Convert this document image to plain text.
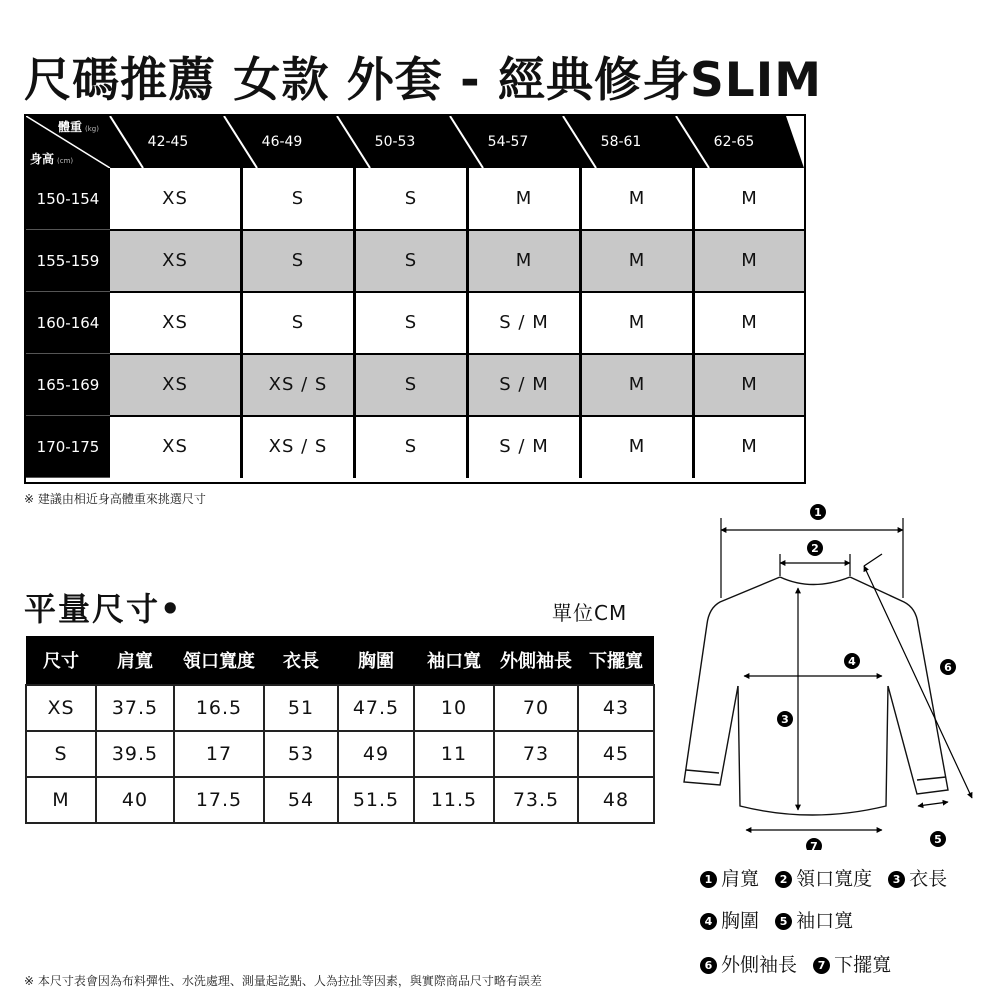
尺碼推薦 女款 外套 - 經典修身SLIM
體重 (kg)
身高 (cm)
42-45	46-49	50-53	54-57	58-61	62-65
150-154	XS	S	S	M	M	M
155-159	XS	S	S	M	M	M
160-164	XS	S	S	S / M	M	M
165-169	XS	XS / S	S	S / M	M	M
170-175	XS	XS / S	S	S / M	M	M

※ 建議由相近身高體重來挑選尺寸

平量尺寸•	單位CM
尺寸	肩寬	領口寬度	衣長	胸圍	袖口寬	外側袖長	下擺寬
XS	37.5	16.5	51	47.5	10	70	43
S	39.5	17	53	49	11	73	45
M	40	17.5	54	51.5	11.5	73.5	48
1
2
3
4
5
6
7
1 肩寬 2 領口寬度 3 衣長
4 胸圍 5 袖口寬
6 外側袖長 7 下擺寬

※ 本尺寸表會因為布料彈性、水洗處理、測量起訖點、人為拉扯等因素，與實際商品尺寸略有誤差
